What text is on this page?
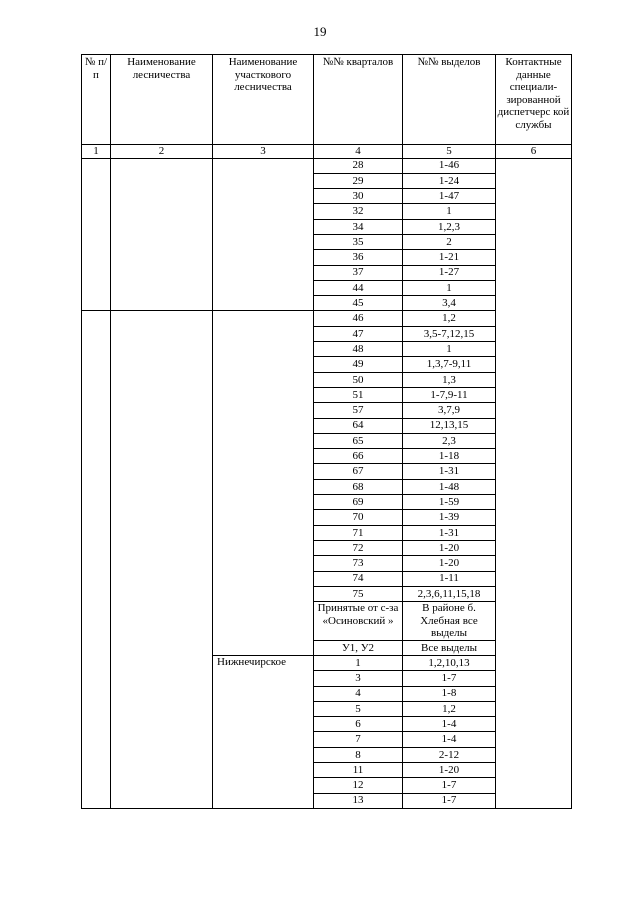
19
№ п/п	Наименование лесничества	Наименование участкового лесничества	№№ кварталов	№№ выделов	Контактные данные специали-зированной диспетчерс кой службы
1	2	3	4	5	6
			28	1-46	
			29	1-24	
			30	1-47	
			32	1	
			34	1,2,3	
			35	2	
			36	1-21	
			37	1-27	
			44	1	
			45	3,4	
			46	1,2	
			47	3,5-7,12,15	
			48	1	
			49	1,3,7-9,11	
			50	1,3	
			51	1-7,9-11	
			57	3,7,9	
			64	12,13,15	
			65	2,3	
			66	1-18	
			67	1-31	
			68	1-48	
			69	1-59	
			70	1-39	
			71	1-31	
			72	1-20	
			73	1-20	
			74	1-11	
			75	2,3,6,11,15,18	
			Принятые от с-за «Осиновский »	В районе б. Хлебная все выделы	
			У1, У2	Все выделы	
		Нижнечирское	1	1,2,10,13	
			3	1-7	
			4	1-8	
			5	1,2	
			6	1-4	
			7	1-4	
			8	2-12	
			11	1-20	
			12	1-7	
			13	1-7	
